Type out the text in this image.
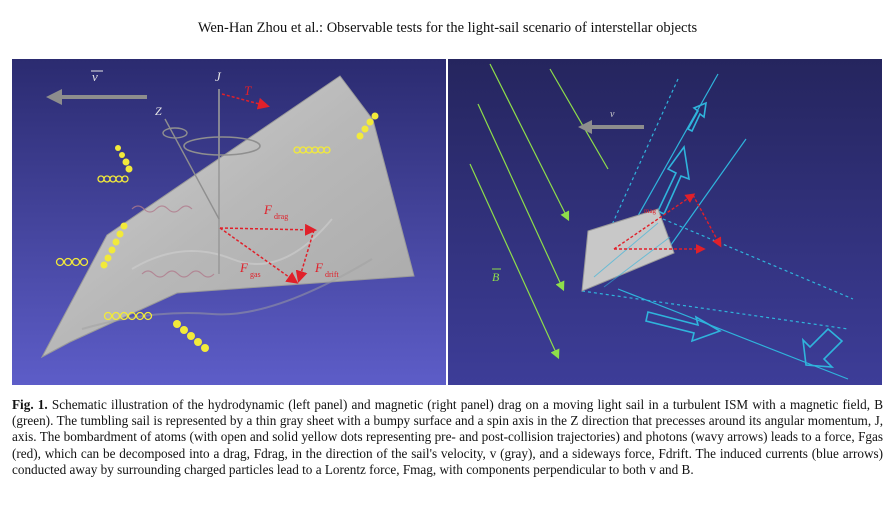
Wen-Han Zhou et al.: Observable tests for the light-sail scenario of interstellar objects
v	J
Z
T
F drag
F gas	F drift	B
v
mag
Fig. 1. Schematic illustration of the hydrodynamic (left panel) and magnetic (right panel) drag on a moving light sail in a turbulent ISM with a magnetic field, B (green). The tumbling sail is represented by a thin gray sheet with a bumpy surface and a spin axis in the Z direction that precesses around its angular momentum, J, axis. The bombardment of atoms (with open and solid yellow dots representing pre- and post-collision trajectories) and photons (wavy arrows) leads to a force, Fgas (red), which can be decomposed into a drag, Fdrag, in the direction of the sail's velocity, v (gray), and a sideways force, Fdrift. The induced currents (blue arrows) conducted away by surrounding charged particles lead to a Lorentz force, Fmag, with components perpendicular to both v and B.
